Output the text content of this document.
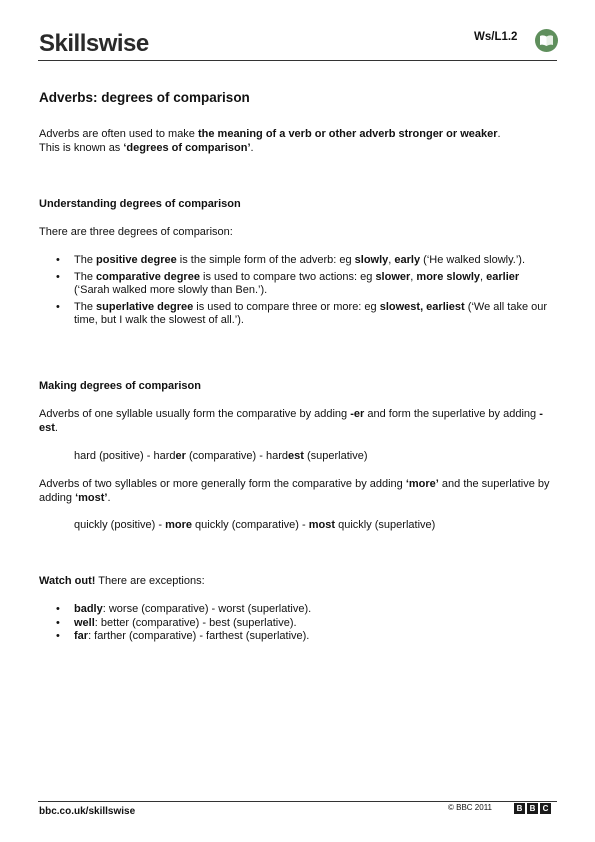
Skillswise	Ws/L1.2
Adverbs: degrees of comparison

Adverbs are often used to make the meaning of a verb or other adverb stronger or weaker.
This is known as ‘degrees of comparison’.

Understanding degrees of comparison

There are three degrees of comparison:

• The positive degree is the simple form of the adverb: eg slowly, early (‘He walked slowly.’).
• The comparative degree is used to compare two actions: eg slower, more slowly, earlier (‘Sarah walked more slowly than Ben.’).
• The superlative degree is used to compare three or more: eg slowest, earliest (‘We all take our time, but I walk the slowest of all.’).
Making degrees of comparison

Adverbs of one syllable usually form the comparative by adding -er and form the superlative by adding -est.

hard (positive) - harder (comparative) - hardest (superlative)

Adverbs of two syllables or more generally form the comparative by adding ‘more’ and the superlative by adding ‘most’.

quickly (positive) - more quickly (comparative) - most quickly (superlative)

Watch out! There are exceptions:

• badly: worse (comparative) - worst (superlative).
• well: better (comparative) - best (superlative).
• far: farther (comparative) - farthest (superlative).
bbc.co.uk/skillswise	© BBC 2011	B B C
